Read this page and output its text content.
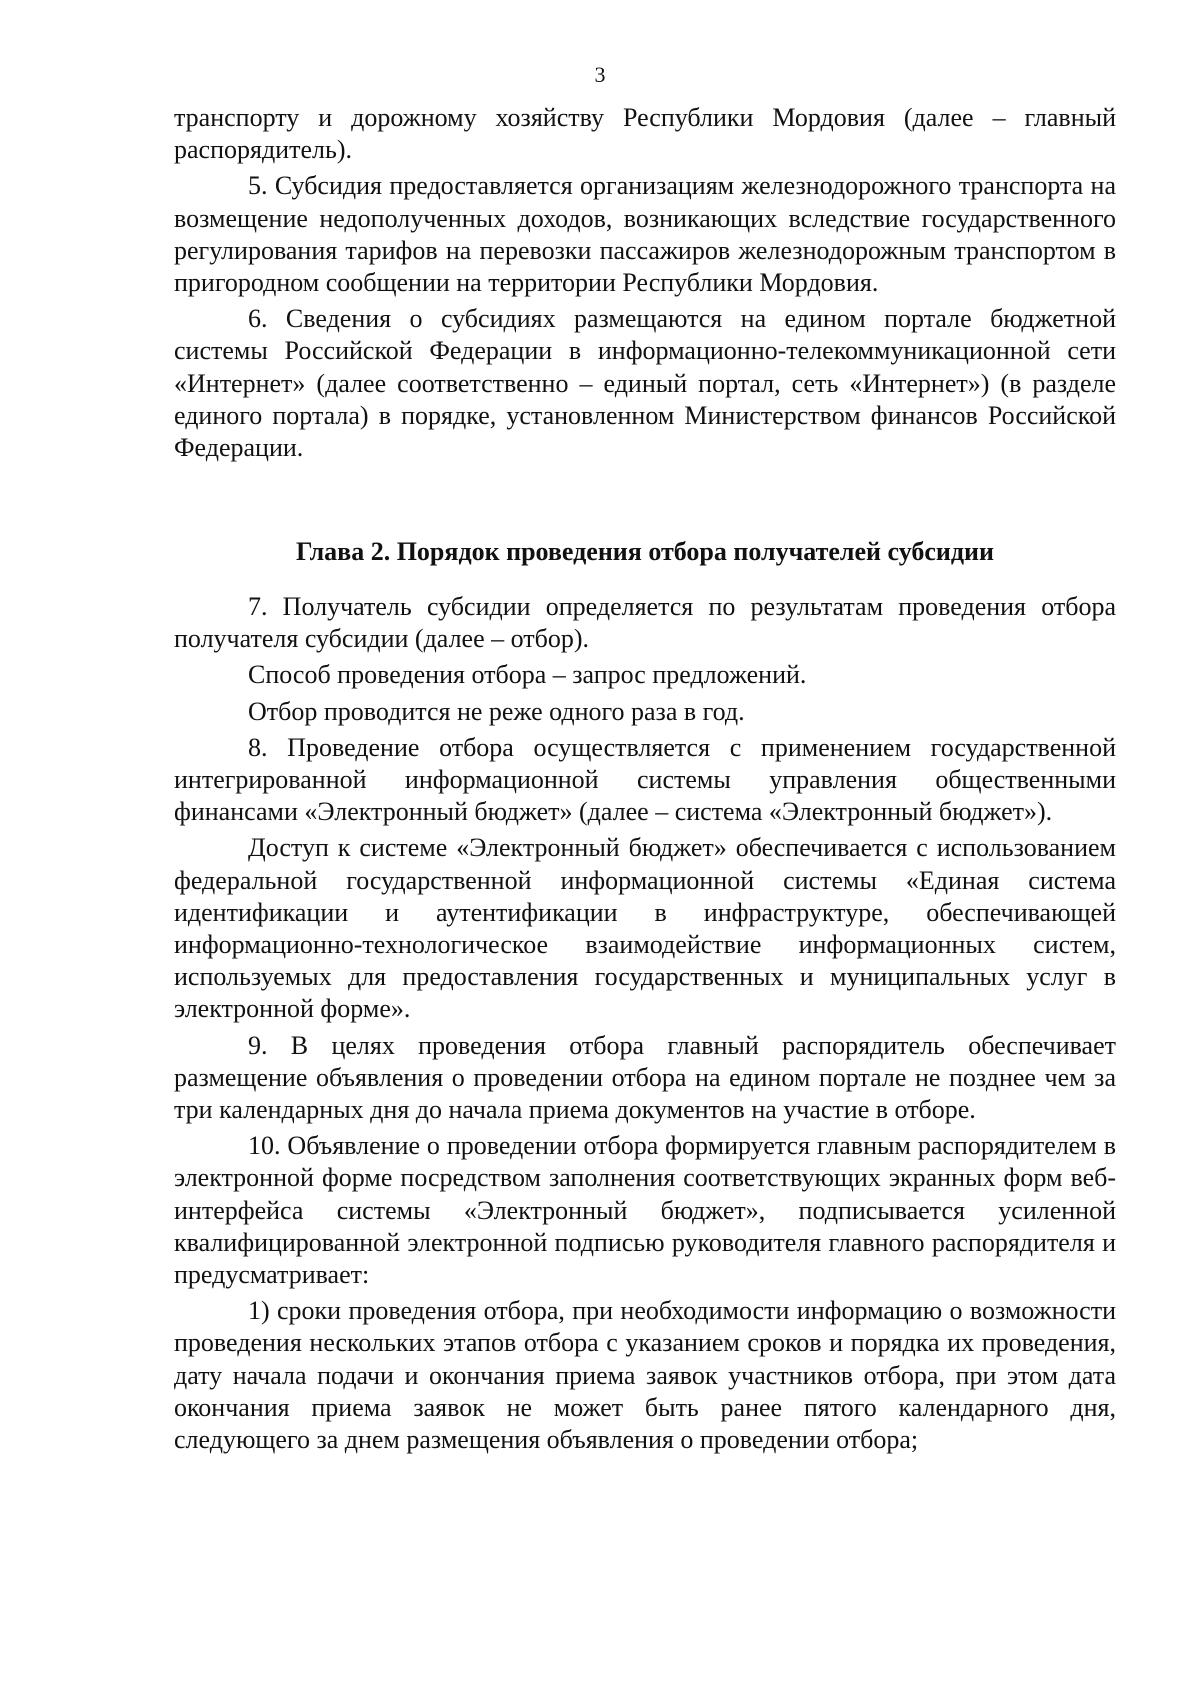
3

транспорту и дорожному хозяйству Республики Мордовия (далее – главный распорядитель).

5. Субсидия предоставляется организациям железнодорожного транспорта на возмещение недополученных доходов, возникающих вследствие государственного регулирования тарифов на перевозки пассажиров железнодорожным транспортом в пригородном сообщении на территории Республики Мордовия.

6. Сведения о субсидиях размещаются на едином портале бюджетной системы Российской Федерации в информационно-телекоммуникационной сети «Интернет» (далее соответственно – единый портал, сеть «Интернет») (в разделе единого портала) в порядке, установленном Министерством финансов Российской Федерации.

Глава 2. Порядок проведения отбора получателей субсидии

7. Получатель субсидии определяется по результатам проведения отбора получателя субсидии (далее – отбор).

Способ проведения отбора – запрос предложений.

Отбор проводится не реже одного раза в год.

8. Проведение отбора осуществляется с применением государственной интегрированной информационной системы управления общественными финансами «Электронный бюджет» (далее – система «Электронный бюджет»).

Доступ к системе «Электронный бюджет» обеспечивается с использованием федеральной государственной информационной системы «Единая система идентификации и аутентификации в инфраструктуре, обеспечивающей информационно-технологическое взаимодействие информационных систем, используемых для предоставления государственных и муниципальных услуг в электронной форме».

9. В целях проведения отбора главный распорядитель обеспечивает размещение объявления о проведении отбора на едином портале не позднее чем за три календарных дня до начала приема документов на участие в отборе.

10. Объявление о проведении отбора формируется главным распорядителем в электронной форме посредством заполнения соответствующих экранных форм веб-интерфейса системы «Электронный бюджет», подписывается усиленной квалифицированной электронной подписью руководителя главного распорядителя и предусматривает:

1) сроки проведения отбора, при необходимости информацию о возможности проведения нескольких этапов отбора с указанием сроков и порядка их проведения, дату начала подачи и окончания приема заявок участников отбора, при этом дата окончания приема заявок не может быть ранее пятого календарного дня, следующего за днем размещения объявления о проведении отбора;
